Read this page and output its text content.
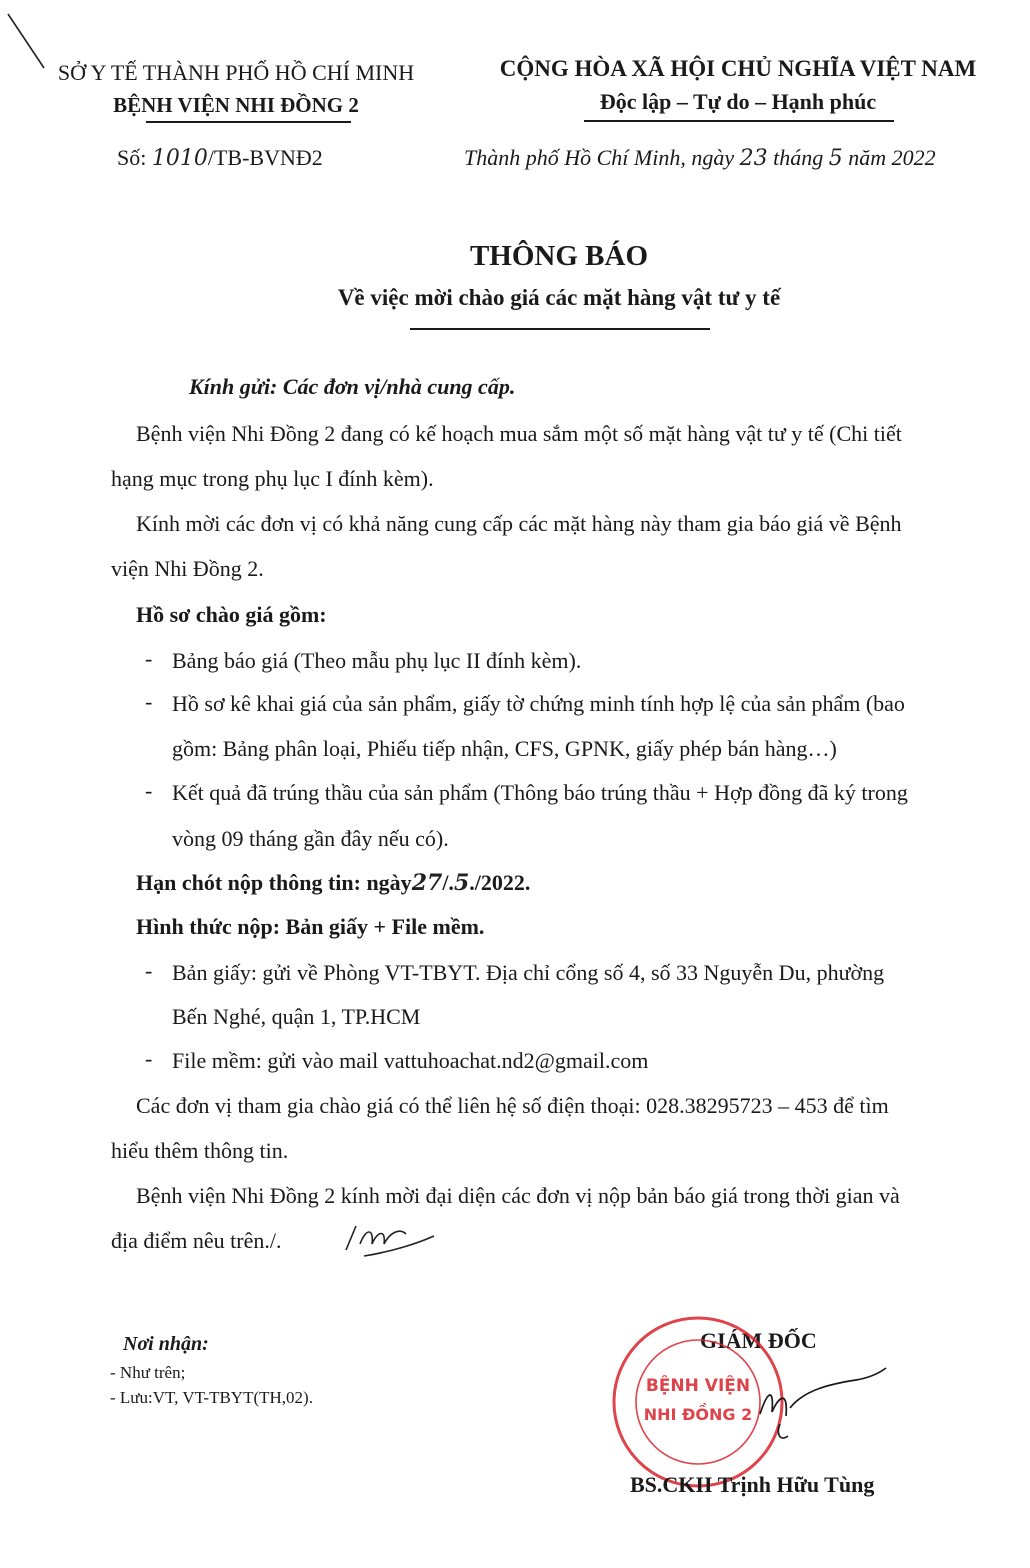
SỞ Y TẾ THÀNH PHỐ HỒ CHÍ MINH
BỆNH VIỆN NHI ĐỒNG 2
CỘNG HÒA XÃ HỘI CHỦ NGHĨA VIỆT NAM
Độc lập – Tự do – Hạnh phúc
Số: 1010/TB-BVNĐ2	Thành phố Hồ Chí Minh, ngày 23 tháng 5 năm 2022
THÔNG BÁO
Về việc mời chào giá các mặt hàng vật tư y tế
Kính gửi: Các đơn vị/nhà cung cấp.
Bệnh viện Nhi Đồng 2 đang có kế hoạch mua sắm một số mặt hàng vật tư y tế (Chi tiết
hạng mục trong phụ lục I đính kèm).
Kính mời các đơn vị có khả năng cung cấp các mặt hàng này tham gia báo giá về Bệnh
viện Nhi Đồng 2.
Hồ sơ chào giá gồm:
- Bảng báo giá (Theo mẫu phụ lục II đính kèm).
- Hồ sơ kê khai giá của sản phẩm, giấy tờ chứng minh tính hợp lệ của sản phẩm (bao
gồm: Bảng phân loại, Phiếu tiếp nhận, CFS, GPNK, giấy phép bán hàng…)
- Kết quả đã trúng thầu của sản phẩm (Thông báo trúng thầu + Hợp đồng đã ký trong
vòng 09 tháng gần đây nếu có).
Hạn chót nộp thông tin: ngày27/.5./2022.
Hình thức nộp: Bản giấy + File mềm.
- Bản giấy: gửi về Phòng VT-TBYT. Địa chỉ cổng số 4, số 33 Nguyễn Du, phường
Bến Nghé, quận 1, TP.HCM
- File mềm: gửi vào mail vattuhoachat.nd2@gmail.com
Các đơn vị tham gia chào giá có thể liên hệ số điện thoại: 028.38295723 – 453 để tìm
hiểu thêm thông tin.
Bệnh viện Nhi Đồng 2 kính mời đại diện các đơn vị nộp bản báo giá trong thời gian và
địa điểm nêu trên./.
Nơi nhận:
- Như trên;
- Lưu:VT, VT-TBYT(TH,02).
GIÁM ĐỐC
BỆNH VIỆN
NHI ĐỒNG 2
BS.CKII Trịnh Hữu Tùng
